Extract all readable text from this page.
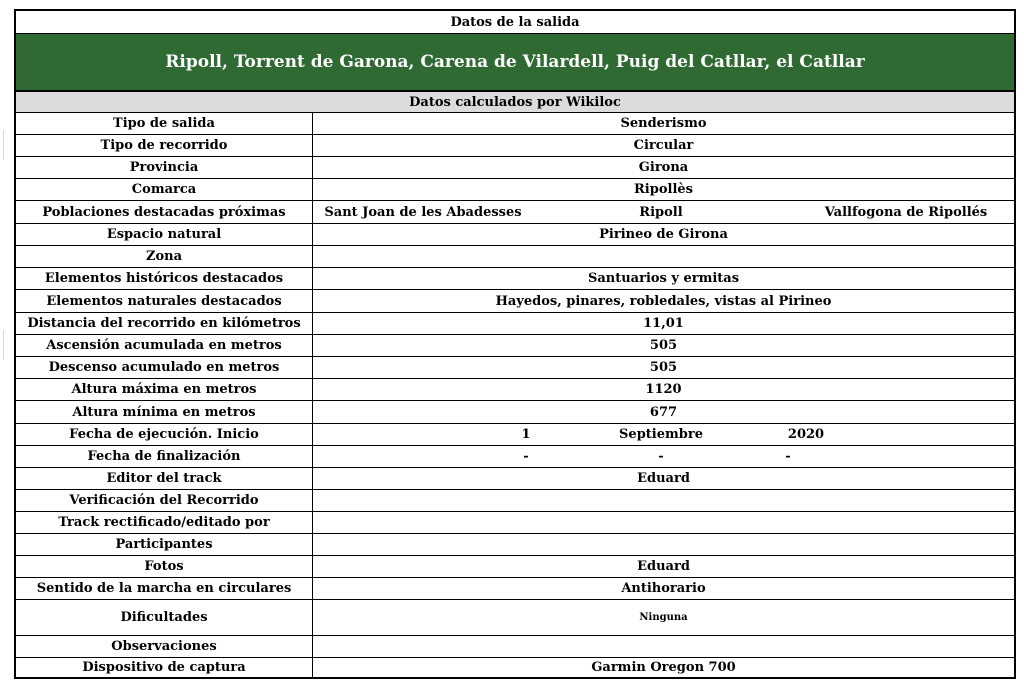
Datos de la salida
Ripoll, Torrent de Garona, Carena de Vilardell, Puig del Catllar, el Catllar
Datos calculados por Wikiloc
Tipo de salida	Senderismo
Tipo de recorrido	Circular
Provincia	Girona
Comarca	Ripollès
Poblaciones destacadas próximas	Sant Joan de les Abadesses	Ripoll	Vallfogona de Ripollés
Espacio natural	Pirineo de Girona
Zona
Elementos históricos destacados	Santuarios y ermitas
Elementos naturales destacados	Hayedos, pinares, robledales, vistas al Pirineo
Distancia del recorrido en kilómetros	11,01
Ascensión acumulada en metros	505
Descenso acumulado en metros	505
Altura máxima en metros	1120
Altura mínima en metros	677
Fecha de ejecución. Inicio	1	Septiembre	2020
Fecha de finalización	-	-	-
Editor del track	Eduard
Verificación del Recorrido
Track rectificado/editado por
Participantes
Fotos	Eduard
Sentido de la marcha en circulares	Antihorario
Dificultades	Ninguna
Observaciones
Dispositivo de captura	Garmin Oregon 700
